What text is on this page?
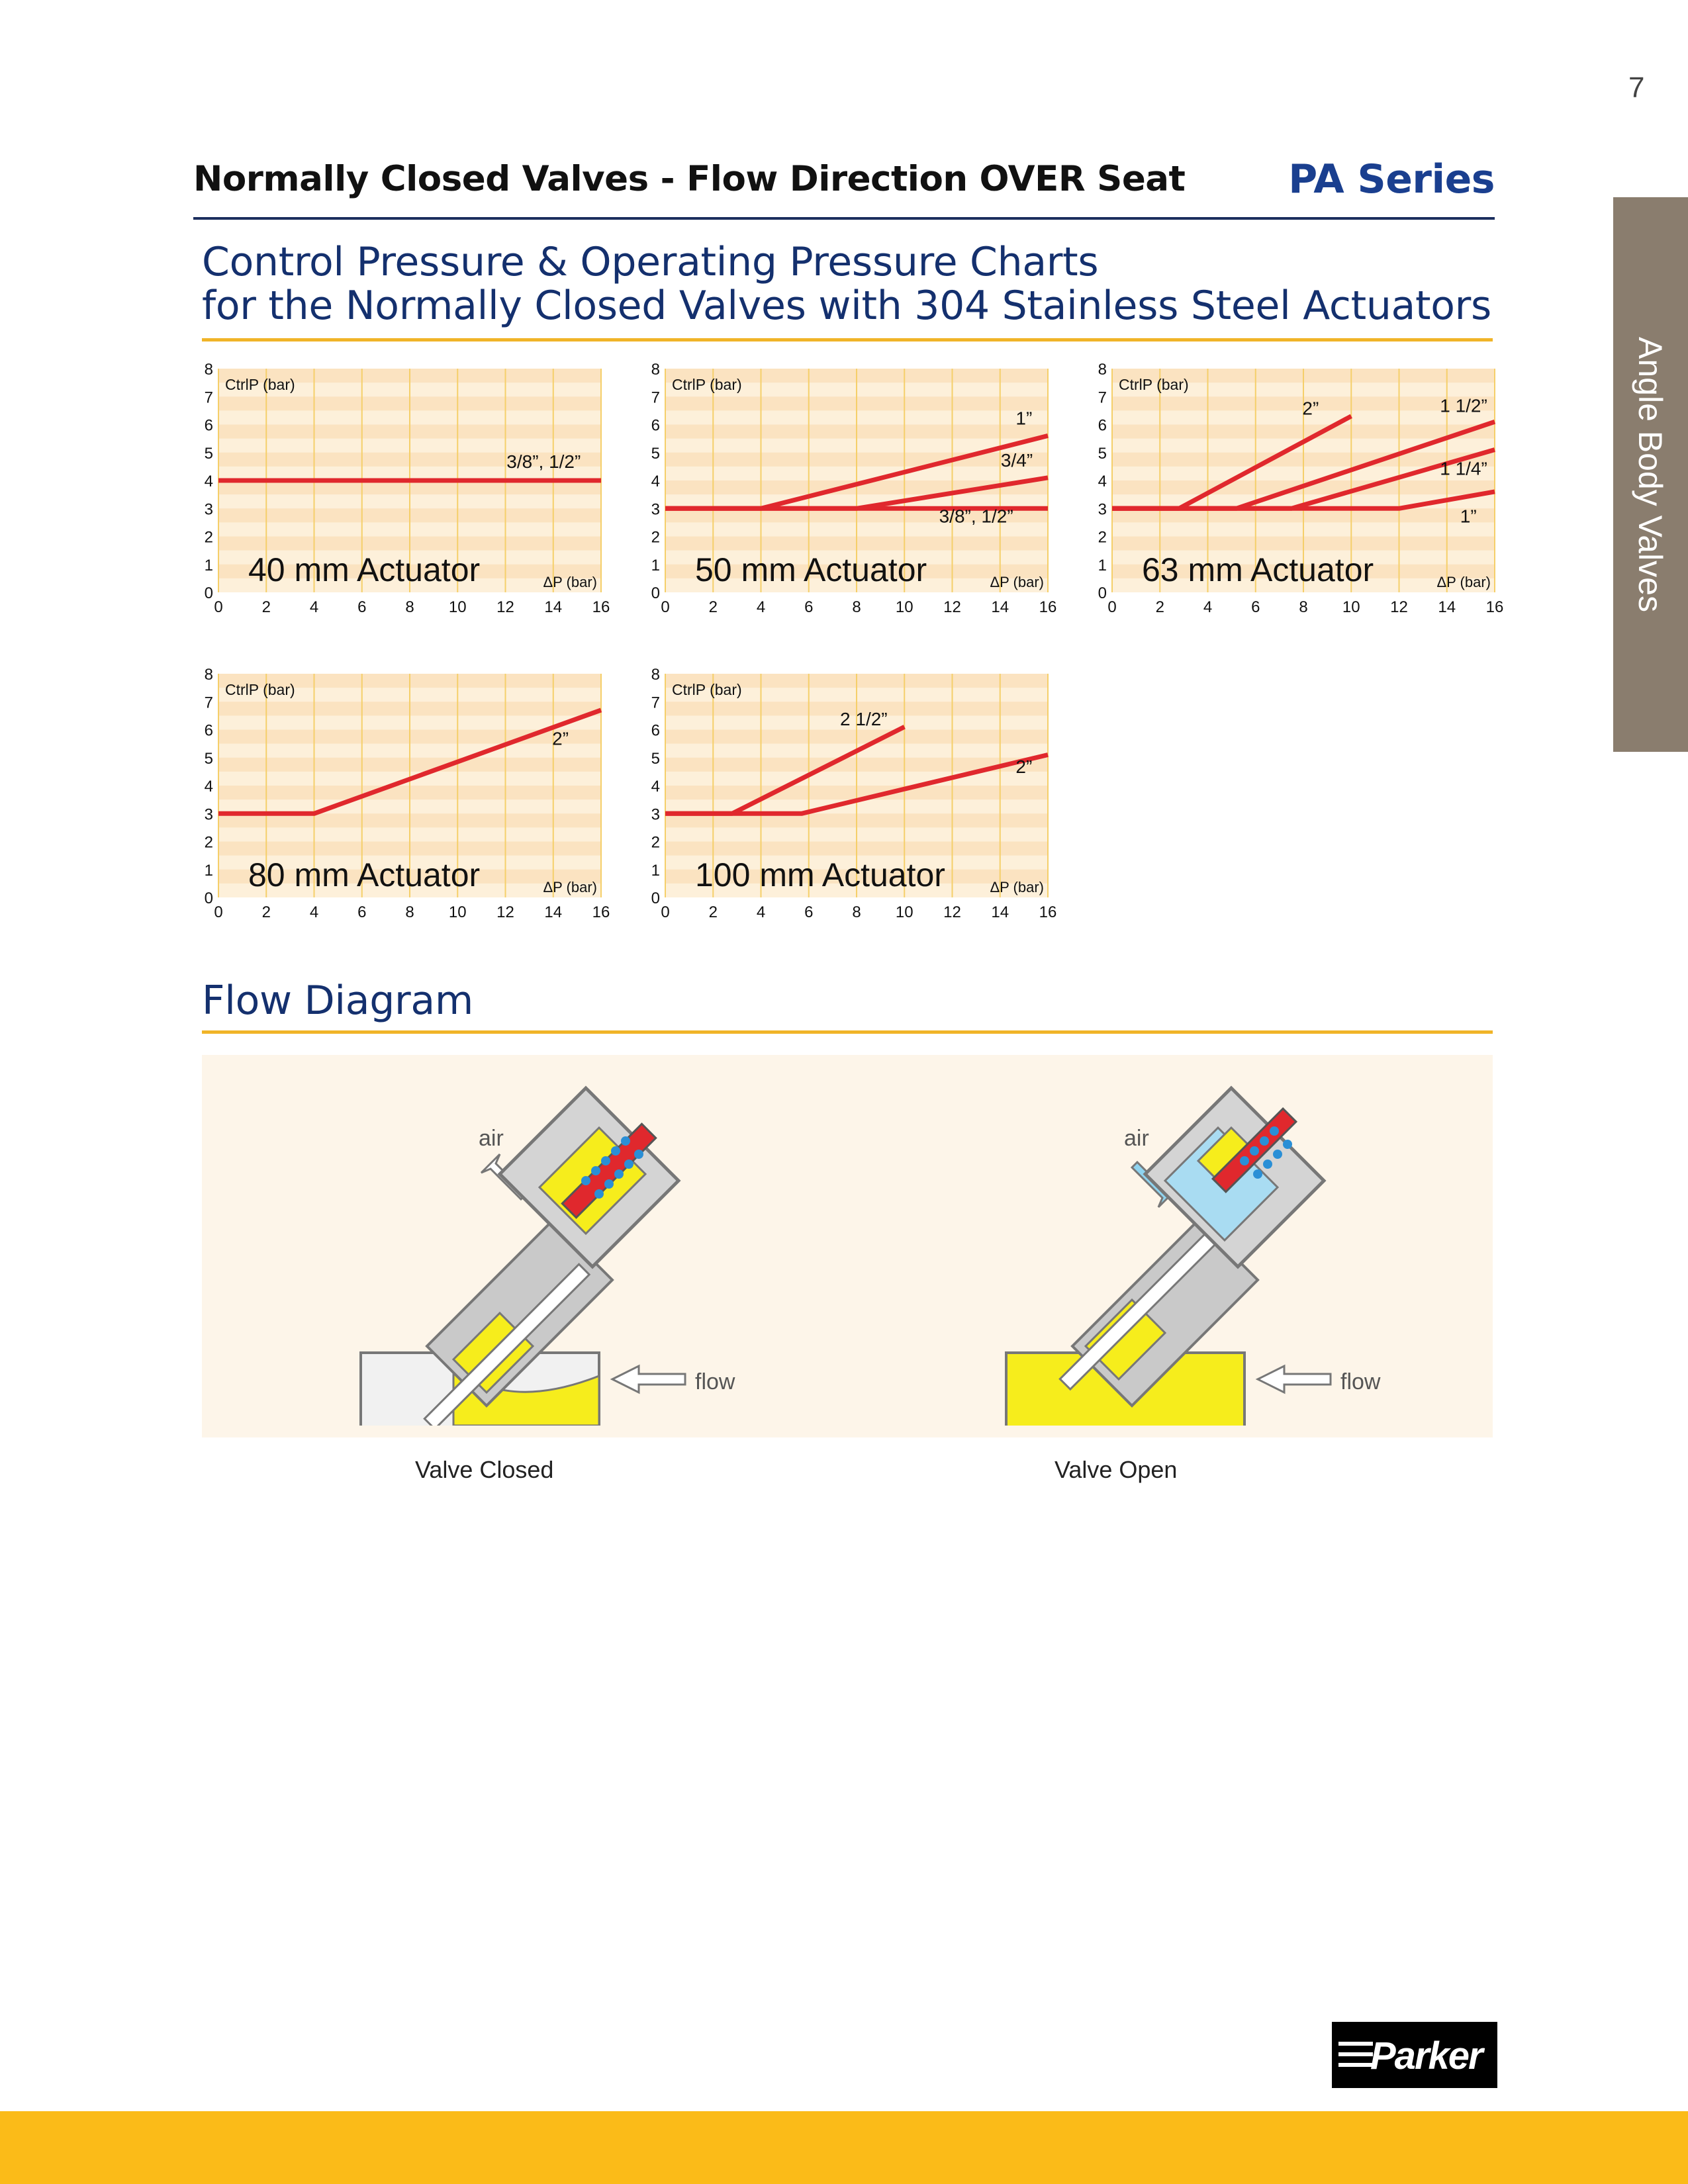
7
Normally Closed Valves - Flow Direction OVER Seat	PA Series
Angle Body Valves
Control Pressure & Operating Pressure Charts
for the Normally Closed Valves with 304 Stainless Steel Actuators
0 2 4 6 8 10 12 14 16
0
1
2
3
4
5
6
7
8
CtrlP (bar)
ΔP (bar)
40 mm Actuator
3/8”, 1/2”
0 2 4 6 8 10 12 14 16
0
1
2
3
4
5
6
7
8
CtrlP (bar)
ΔP (bar)
50 mm Actuator
1”
3/4”
3/8”, 1/2”
0 2 4 6 8 10 12 14 16
0
1
2
3
4
5
6
7
8
CtrlP (bar)
ΔP (bar)
63 mm Actuator
2”	1 1/2”
1 1/4”
1”
0 2 4 6 8 10 12 14 16
0
1
2
3
4
5
6
7
8
CtrlP (bar)
ΔP (bar)
80 mm Actuator
2”
0 2 4 6 8 10 12 14 16
0
1
2
3
4
5
6
7
8
CtrlP (bar)
ΔP (bar)
100 mm Actuator
2 1/2”
2”
Flow Diagram
air
flow
air
flow
Valve Closed	Valve Open
Parker
